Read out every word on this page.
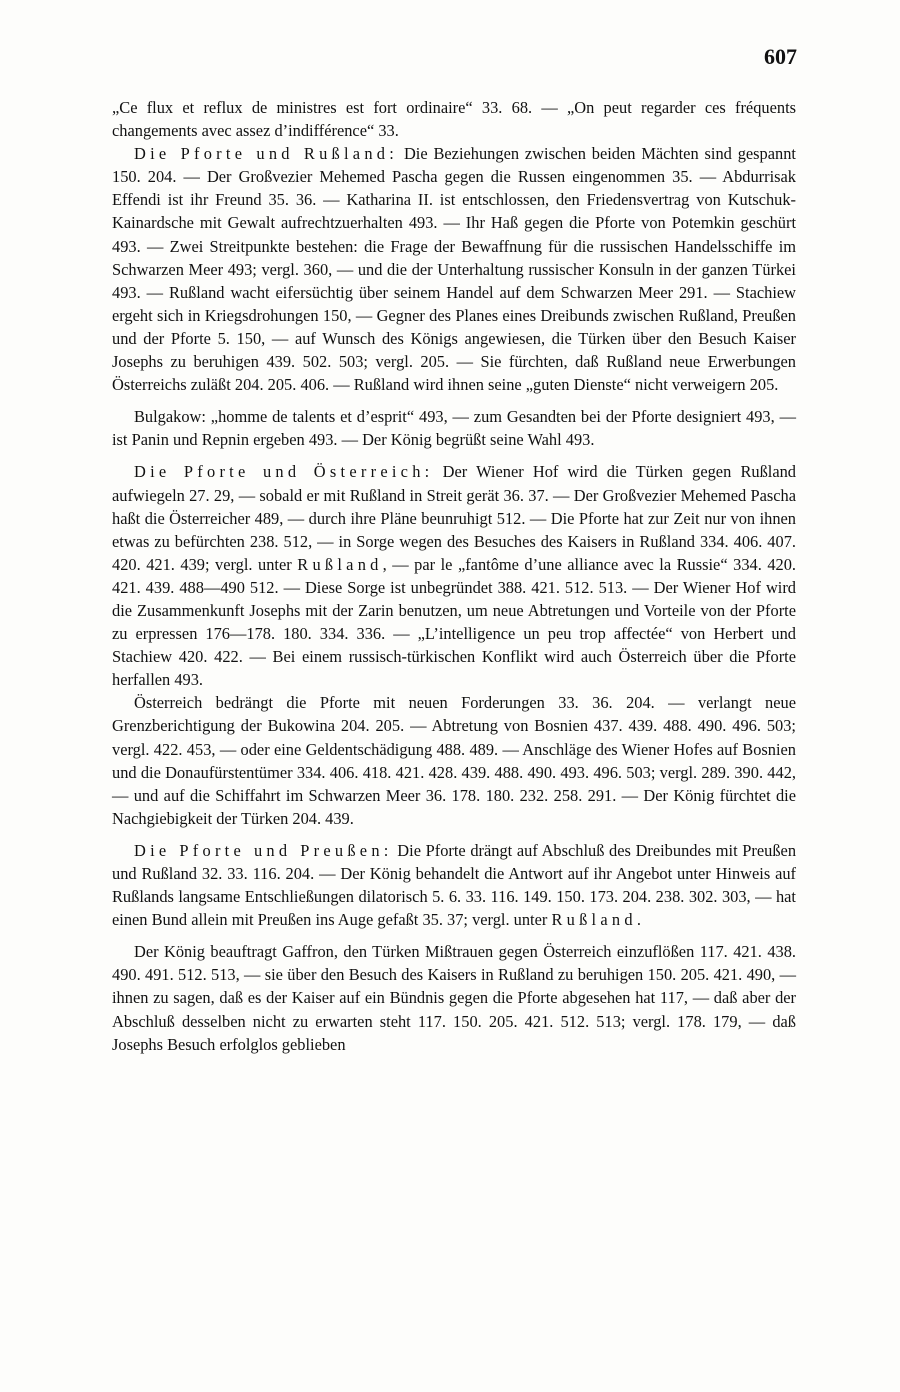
607

„Ce flux et reflux de ministres est fort ordinaire“ 33. 68. — „On peut regarder ces fréquents changements avec assez d’indifférence“ 33.

Die Pforte und Rußland: Die Beziehungen zwischen beiden Mächten sind gespannt 150. 204. — Der Großvezier Mehemed Pascha gegen die Russen eingenommen 35. — Abdurrisak Effendi ist ihr Freund 35. 36. — Katharina II. ist entschlossen, den Friedensvertrag von Kutschuk-Kainardsche mit Gewalt aufrechtzuerhalten 493. — Ihr Haß gegen die Pforte von Potemkin geschürt 493. — Zwei Streitpunkte bestehen: die Frage der Bewaffnung für die russischen Handelsschiffe im Schwarzen Meer 493; vergl. 360, — und die der Unterhaltung russischer Konsuln in der ganzen Türkei 493. — Rußland wacht eifersüchtig über seinem Handel auf dem Schwarzen Meer 291. — Stachiew ergeht sich in Kriegsdrohungen 150, — Gegner des Planes eines Dreibunds zwischen Rußland, Preußen und der Pforte 5. 150, — auf Wunsch des Königs angewiesen, die Türken über den Besuch Kaiser Josephs zu beruhigen 439. 502. 503; vergl. 205. — Sie fürchten, daß Rußland neue Erwerbungen Österreichs zuläßt 204. 205. 406. — Rußland wird ihnen seine „guten Dienste“ nicht verweigern 205.

Bulgakow: „homme de talents et d’esprit“ 493, — zum Gesandten bei der Pforte designiert 493, — ist Panin und Repnin ergeben 493. — Der König begrüßt seine Wahl 493.

Die Pforte und Österreich: Der Wiener Hof wird die Türken gegen Rußland aufwiegeln 27. 29, — sobald er mit Rußland in Streit gerät 36. 37. — Der Großvezier Mehemed Pascha haßt die Österreicher 489, — durch ihre Pläne beunruhigt 512. — Die Pforte hat zur Zeit nur von ihnen etwas zu befürchten 238. 512, — in Sorge wegen des Besuches des Kaisers in Rußland 334. 406. 407. 420. 421. 439; vergl. unter Rußland, — par le „fantôme d’une alliance avec la Russie“ 334. 420. 421. 439. 488—490 512. — Diese Sorge ist unbegründet 388. 421. 512. 513. — Der Wiener Hof wird die Zusammenkunft Josephs mit der Zarin benutzen, um neue Abtretungen und Vorteile von der Pforte zu erpressen 176—178. 180. 334. 336. — „L’intelligence un peu trop affectée“ von Herbert und Stachiew 420. 422. — Bei einem russisch-türkischen Konflikt wird auch Österreich über die Pforte herfallen 493.

Österreich bedrängt die Pforte mit neuen Forderungen 33. 36. 204. — verlangt neue Grenzberichtigung der Bukowina 204. 205. — Abtretung von Bosnien 437. 439. 488. 490. 496. 503; vergl. 422. 453, — oder eine Geldentschädigung 488. 489. — Anschläge des Wiener Hofes auf Bosnien und die Donaufürstentümer 334. 406. 418. 421. 428. 439. 488. 490. 493. 496. 503; vergl. 289. 390. 442, — und auf die Schiffahrt im Schwarzen Meer 36. 178. 180. 232. 258. 291. — Der König fürchtet die Nachgiebigkeit der Türken 204. 439.

Die Pforte und Preußen: Die Pforte drängt auf Abschluß des Dreibundes mit Preußen und Rußland 32. 33. 116. 204. — Der König behandelt die Antwort auf ihr Angebot unter Hinweis auf Rußlands langsame Entschließungen dilatorisch 5. 6. 33. 116. 149. 150. 173. 204. 238. 302. 303, — hat einen Bund allein mit Preußen ins Auge gefaßt 35. 37; vergl. unter Rußland.

Der König beauftragt Gaffron, den Türken Mißtrauen gegen Österreich einzuflößen 117. 421. 438. 490. 491. 512. 513, — sie über den Besuch des Kaisers in Rußland zu beruhigen 150. 205. 421. 490, — ihnen zu sagen, daß es der Kaiser auf ein Bündnis gegen die Pforte abgesehen hat 117, — daß aber der Abschluß desselben nicht zu erwarten steht 117. 150. 205. 421. 512. 513; vergl. 178. 179, — daß Josephs Besuch erfolglos geblieben
